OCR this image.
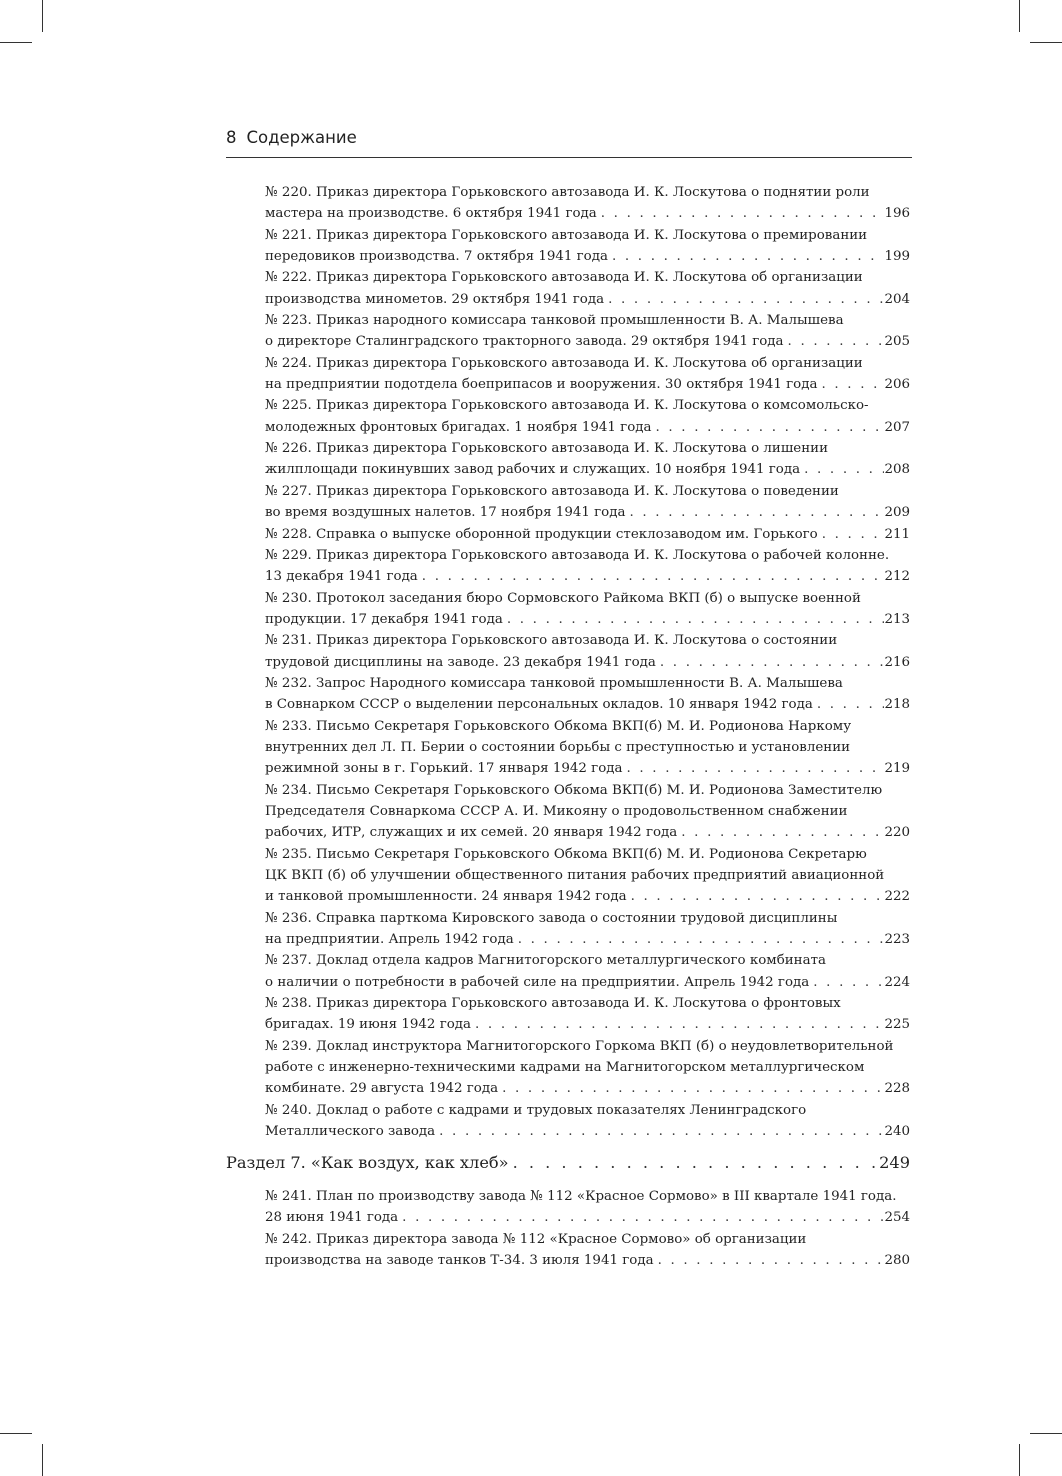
8 Содержание
№ 220. Приказ директора Горьковского автозавода И. К. Лоскутова о поднятии роли
мастера на производстве. 6 октября 1941 года . . .	196
№ 221. Приказ директора Горьковского автозавода И. К. Лоскутова о премировании
передовиков производства. 7 октября 1941 года . . .	199
№ 222. Приказ директора Горьковского автозавода И. К. Лоскутова об организации
производства минометов. 29 октября 1941 года . . .	204
№ 223. Приказ народного комиссара танковой промышленности В. А. Малышева
о директоре Сталинградского тракторного завода. 29 октября 1941 года . . .	205
№ 224. Приказ директора Горьковского автозавода И. К. Лоскутова об организации
на предприятии подотдела боеприпасов и вооружения. 30 октября 1941 года . . .	206
№ 225. Приказ директора Горьковского автозавода И. К. Лоскутова о комсомольско-
молодежных фронтовых бригадах. 1 ноября 1941 года . . .	207
№ 226. Приказ директора Горьковского автозавода И. К. Лоскутова о лишении
жилплощади покинувших завод рабочих и служащих. 10 ноября 1941 года . . .	208
№ 227. Приказ директора Горьковского автозавода И. К. Лоскутова о поведении
во время воздушных налетов. 17 ноября 1941 года . . .	209
№ 228. Справка о выпуске оборонной продукции стеклозаводом им. Горького . . .	211
№ 229. Приказ директора Горьковского автозавода И. К. Лоскутова о рабочей колонне.
13 декабря 1941 года . . .	212
№ 230. Протокол заседания бюро Сормовского Райкома ВКП (б) о выпуске военной
продукции. 17 декабря 1941 года . . .	213
№ 231. Приказ директора Горьковского автозавода И. К. Лоскутова о состоянии
трудовой дисциплины на заводе. 23 декабря 1941 года . . .	216
№ 232. Запрос Народного комиссара танковой промышленности В. А. Малышева
в Совнарком СССР о выделении персональных окладов. 10 января 1942 года . . .	218
№ 233. Письмо Секретаря Горьковского Обкома ВКП(б) М. И. Родионова Наркому
внутренних дел Л. П. Берии о состоянии борьбы с преступностью и установлении
режимной зоны в г. Горький. 17 января 1942 года . . .	219
№ 234. Письмо Секретаря Горьковского Обкома ВКП(б) М. И. Родионова Заместителю
Председателя Совнаркома СССР А. И. Микояну о продовольственном снабжении
рабочих, ИТР, служащих и их семей. 20 января 1942 года . . .	220
№ 235. Письмо Секретаря Горьковского Обкома ВКП(б) М. И. Родионова Секретарю
ЦК ВКП (б) об улучшении общественного питания рабочих предприятий авиационной
и танковой промышленности. 24 января 1942 года . . .	222
№ 236. Справка парткома Кировского завода о состоянии трудовой дисциплины
на предприятии. Апрель 1942 года . . .	223
№ 237. Доклад отдела кадров Магнитогорского металлургического комбината
о наличии о потребности в рабочей силе на предприятии. Апрель 1942 года . . .	224
№ 238. Приказ директора Горьковского автозавода И. К. Лоскутова о фронтовых
бригадах. 19 июня 1942 года . . .	225
№ 239. Доклад инструктора Магнитогорского Горкома ВКП (б) о неудовлетворительной
работе с инженерно-техническими кадрами на Магнитогорском металлургическом
комбинате. 29 августа 1942 года . . .	228
№ 240. Доклад о работе с кадрами и трудовых показателях Ленинградского
Металлического завода . . .	240
Раздел 7. «Как воздух, как хлеб» . . .	249
№ 241. План по производству завода № 112 «Красное Сормово» в III квартале 1941 года.
28 июня 1941 года . . .	254
№ 242. Приказ директора завода № 112 «Красное Сормово» об организации
производства на заводе танков Т-34. 3 июля 1941 года . . .	280
